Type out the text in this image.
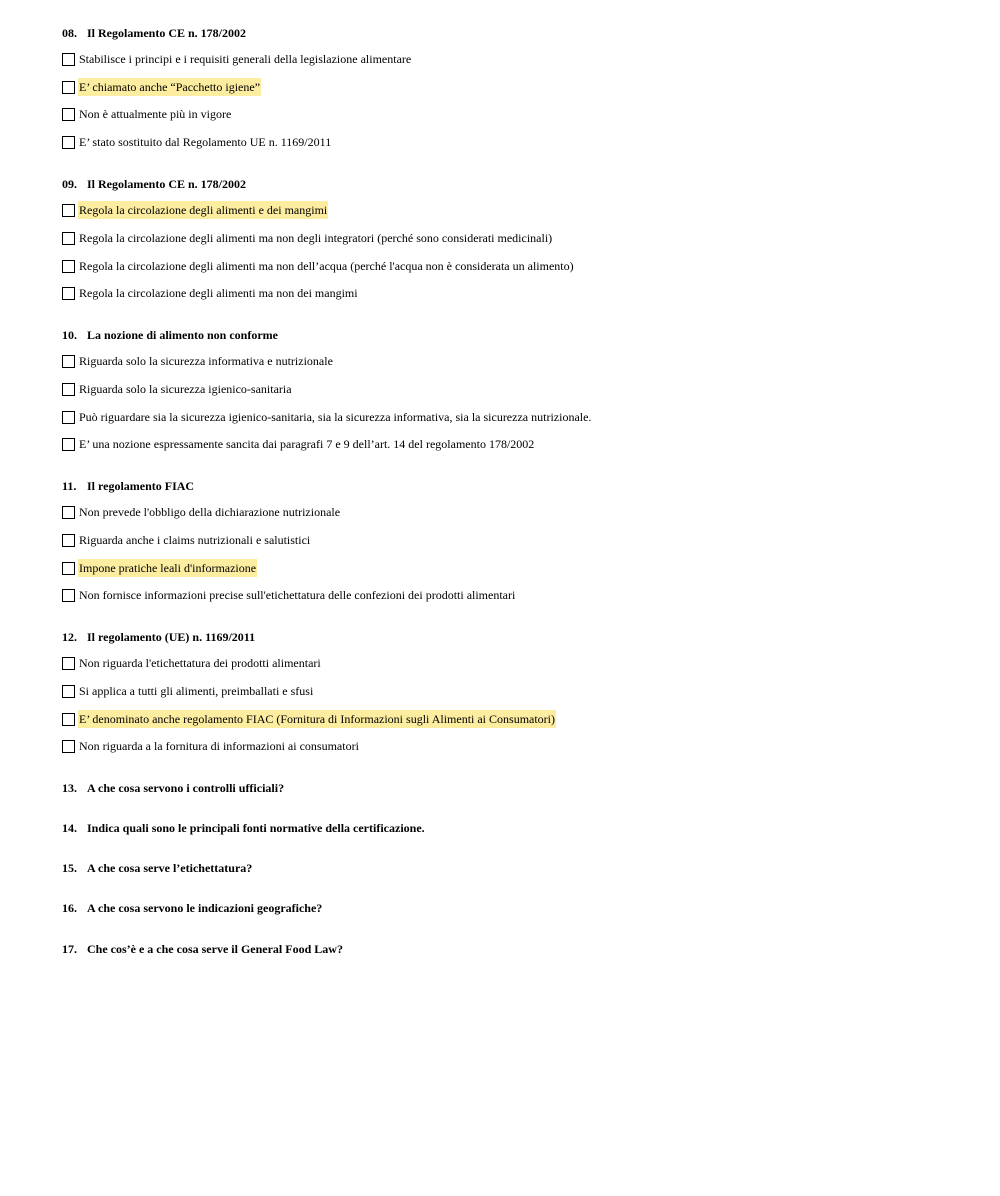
08. Il Regolamento CE n. 178/2002
Stabilisce i principi e i requisiti generali della legislazione alimentare
E’ chiamato anche “Pacchetto igiene”
Non è attualmente più in vigore
E’ stato sostituito dal Regolamento UE n. 1169/2011
09. Il Regolamento CE n. 178/2002
Regola la circolazione degli alimenti e dei mangimi
Regola la circolazione degli alimenti ma non degli integratori (perché sono considerati medicinali)
Regola la circolazione degli alimenti ma non dell’acqua (perché l'acqua non è considerata un alimento)
Regola la circolazione degli alimenti ma non dei mangimi
10. La nozione di alimento non conforme
Riguarda solo la sicurezza informativa e nutrizionale
Riguarda solo la sicurezza igienico-sanitaria
Può riguardare sia la sicurezza igienico-sanitaria, sia la sicurezza informativa, sia la sicurezza nutrizionale.
E’ una nozione espressamente sancita dai paragrafi 7 e 9 dell’art. 14 del regolamento 178/2002
11. Il regolamento FIAC
Non prevede l'obbligo della dichiarazione nutrizionale
Riguarda anche i claims nutrizionali e salutistici
Impone pratiche leali d'informazione
Non fornisce informazioni precise sull'etichettatura delle confezioni dei prodotti alimentari
12. Il regolamento (UE) n. 1169/2011
Non riguarda l'etichettatura dei prodotti alimentari
Si applica a tutti gli alimenti, preimballati e sfusi
E’ denominato anche regolamento FIAC (Fornitura di Informazioni sugli Alimenti ai Consumatori)
Non riguarda a la fornitura di informazioni ai consumatori
13. A che cosa servono i controlli ufficiali?
14. Indica quali sono le principali fonti normative della certificazione.
15. A che cosa serve l’etichettatura?
16. A che cosa servono le indicazioni geografiche?
17. Che cos’è e a che cosa serve il General Food Law?
